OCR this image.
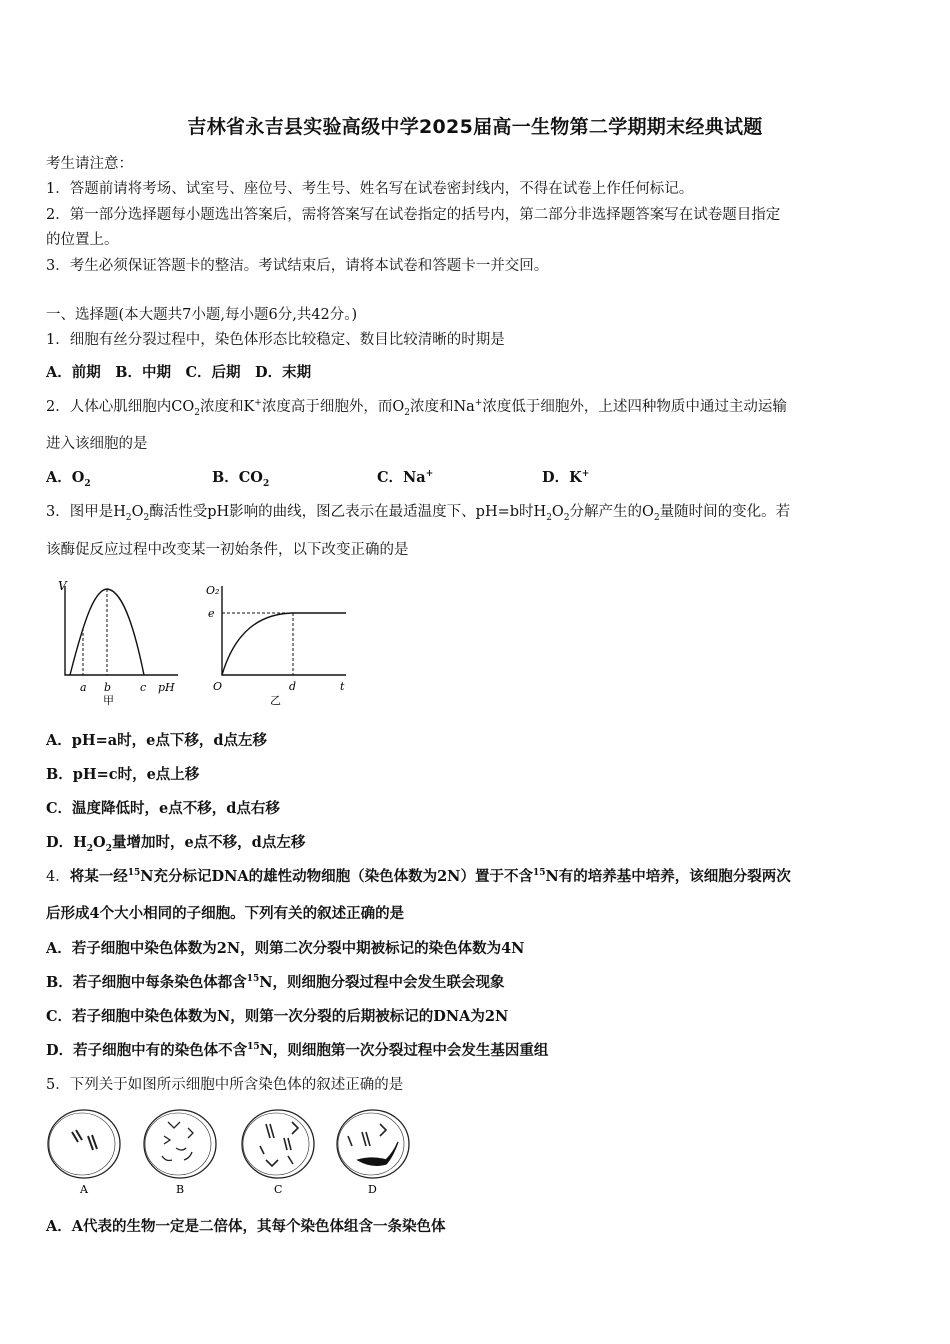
吉林省永吉县实验高级中学2025届高一生物第二学期期末经典试题
考生请注意：
1．答题前请将考场、试室号、座位号、考生号、姓名写在试卷密封线内，不得在试卷上作任何标记。
2．第一部分选择题每小题选出答案后，需将答案写在试卷指定的括号内，第二部分非选择题答案写在试卷题目指定
的位置上。
3．考生必须保证答题卡的整洁。考试结束后，请将本试卷和答题卡一并交回。
一、选择题(本大题共7小题,每小题6分,共42分。)
1．细胞有丝分裂过程中，染色体形态比较稳定、数目比较清晰的时期是
A．前期　B．中期　C．后期　D．末期
2．人体心肌细胞内$CO_2$浓度和K+浓度高于细胞外，而$O_2$浓度和Na+浓度低于细胞外，上述四种物质中通过主动运输
进入该细胞的是
A．$O_2$	B．$CO_2$	C．Na+	D．K+
3．图甲是$H_2O_2$酶活性受pH影响的曲线，图乙表示在最适温度下、pH=b时$H_2O_2$分解产生的$O_2$量随时间的变化。若
该酶促反应过程中改变某一初始条件，以下改变正确的是
V
pH
a b	c
甲
O₂
e
O	d	t
乙
A．pH=a时，e点下移，d点左移
B．pH=c时，e点上移
C．温度降低时，e点不移，d点右移
D．$H_2O_2$量增加时，e点不移，d点左移
4．将某一经$^{15}$N充分标记DNA的雄性动物细胞（染色体数为2N）置于不含$^{15}$N有的培养基中培养，该细胞分裂两次
后形成4个大小相同的子细胞。下列有关的叙述正确的是
A．若子细胞中染色体数为2N，则第二次分裂中期被标记的染色体数为4N
B．若子细胞中每条染色体都含$^{15}$N，则细胞分裂过程中会发生联会现象
C．若子细胞中染色体数为N，则第一次分裂的后期被标记的DNA为2N
D．若子细胞中有的染色体不含$^{15}$N，则细胞第一次分裂过程中会发生基因重组
5．下列关于如图所示细胞中所含染色体的叙述正确的是
A	B	C	D
A．A代表的生物一定是二倍体，其每个染色体组含一条染色体
